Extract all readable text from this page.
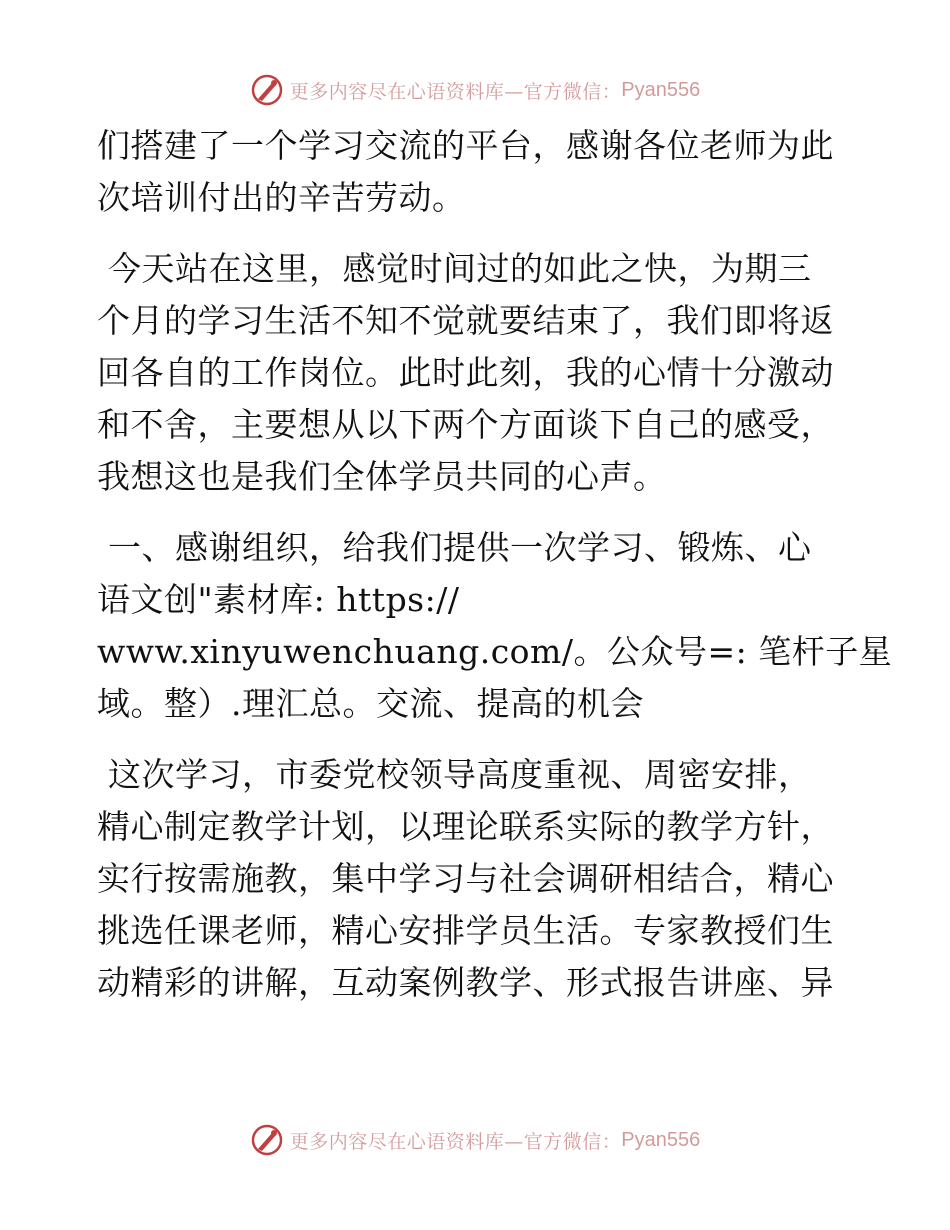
更多内容尽在心语资料库—官方微信： Pyan556

们搭建了一个学习交流的平台，感谢各位老师为此

次培训付出的辛苦劳动。

今天站在这里，感觉时间过的如此之快，为期三

个月的学习生活不知不觉就要结束了，我们即将返

回各自的工作岗位。此时此刻，我的心情十分激动

和不舍，主要想从以下两个方面谈下自己的感受，

我想这也是我们全体学员共同的心声。

一、感谢组织，给我们提供一次学习、锻炼、心

语文创"素材库: https://

www.xinyuwenchuang.com/。公众号=: 笔杆子星

域。整）.理汇总。交流、提高的机会

这次学习，市委党校领导高度重视、周密安排，

精心制定教学计划，以理论联系实际的教学方针，

实行按需施教，集中学习与社会调研相结合，精心

挑选任课老师，精心安排学员生活。专家教授们生

动精彩的讲解，互动案例教学、形式报告讲座、异

更多内容尽在心语资料库—官方微信： Pyan556
